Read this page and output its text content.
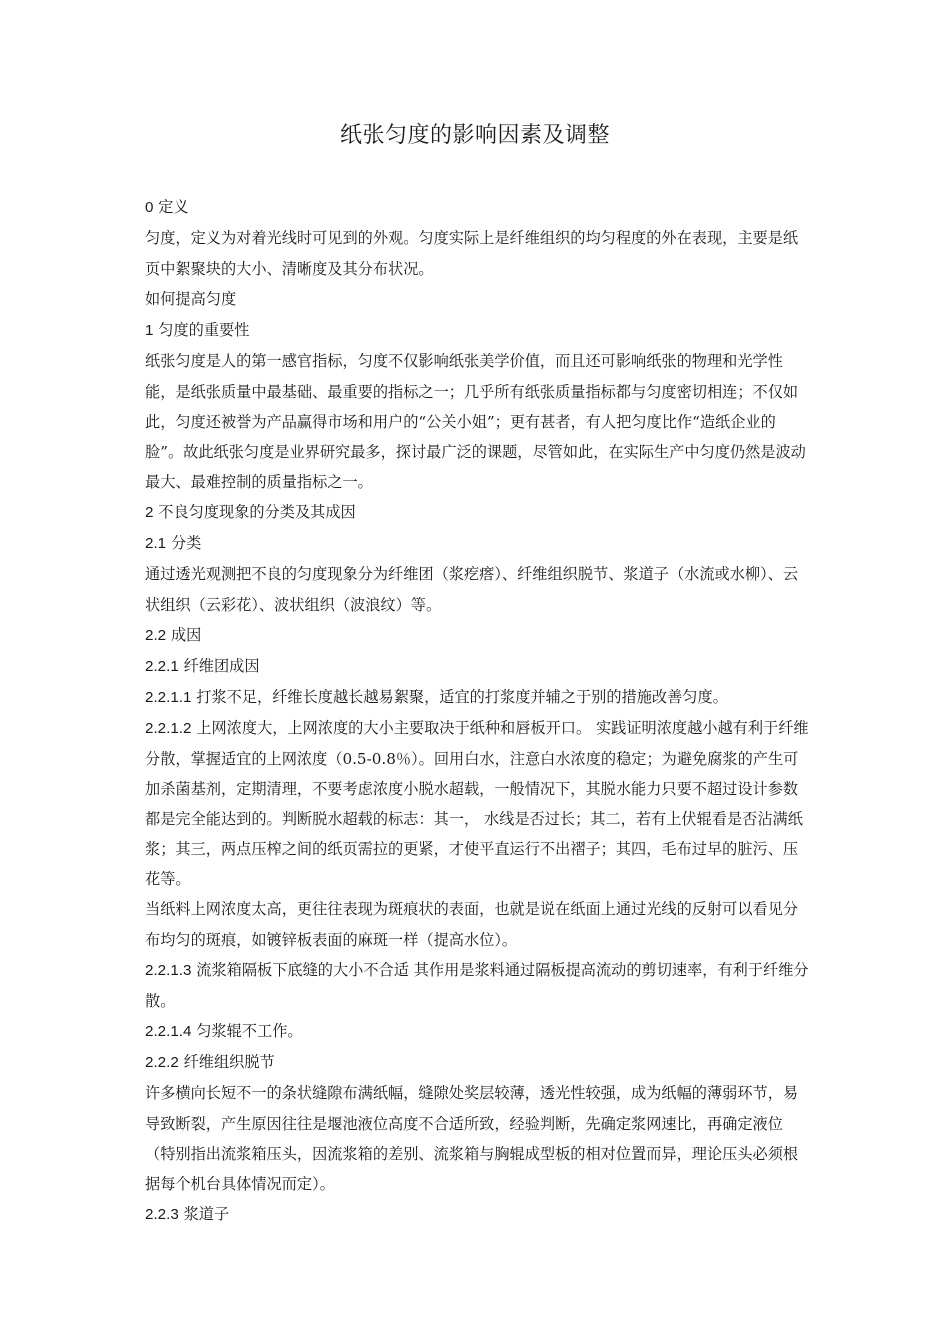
纸张匀度的影响因素及调整

0 定义

匀度，定义为对着光线时可见到的外观。匀度实际上是纤维组织的均匀程度的外在表现，主要是纸页中絮聚块的大小、清晰度及其分布状况。

如何提高匀度

1 匀度的重要性

纸张匀度是人的第一感官指标，匀度不仅影响纸张美学价值，而且还可影响纸张的物理和光学性能，是纸张质量中最基础、最重要的指标之一；几乎所有纸张质量指标都与匀度密切相连；不仅如此，匀度还被誉为产品赢得市场和用户的“公关小姐”；更有甚者，有人把匀度比作“造纸企业的脸”。故此纸张匀度是业界研究最多，探讨最广泛的课题，尽管如此，在实际生产中匀度仍然是波动最大、最难控制的质量指标之一。

2 不良匀度现象的分类及其成因

2.1 分类

通过透光观测把不良的匀度现象分为纤维团（浆疙瘩）、纤维组织脱节、浆道子（水流或水柳）、云状组织（云彩花）、波状组织（波浪纹）等。

2.2 成因

2.2.1 纤维团成因

2.2.1.1 打浆不足，纤维长度越长越易絮聚，适宜的打浆度并辅之于别的措施改善匀度。

2.2.1.2 上网浓度大，上网浓度的大小主要取决于纸种和唇板开口。 实践证明浓度越小越有利于纤维分散，掌握适宜的上网浓度（0.5-0.8％）。回用白水，注意白水浓度的稳定；为避免腐浆的产生可加杀菌基剂，定期清理，不要考虑浓度小脱水超载，一般情况下，其脱水能力只要不超过设计参数都是完全能达到的。判断脱水超载的标志：其一， 水线是否过长；其二，若有上伏辊看是否沾满纸浆；其三，两点压榨之间的纸页需拉的更紧，才使平直运行不出褶子；其四，毛布过早的脏污、压花等。

当纸料上网浓度太高，更往往表现为斑痕状的表面，也就是说在纸面上通过光线的反射可以看见分布均匀的斑痕，如镀锌板表面的麻斑一样（提高水位）。

2.2.1.3 流浆箱隔板下底缝的大小不合适 其作用是浆料通过隔板提高流动的剪切速率，有利于纤维分散。

2.2.1.4 匀浆辊不工作。

2.2.2 纤维组织脱节

许多横向长短不一的条状缝隙布满纸幅，缝隙处奖层较薄，透光性较强，成为纸幅的薄弱环节，易导致断裂，产生原因往往是堰池液位高度不合适所致，经验判断，先确定浆网速比，再确定液位（特别指出流浆箱压头，因流浆箱的差别、流浆箱与胸辊成型板的相对位置而异，理论压头必须根据每个机台具体情况而定）。

2.2.3 浆道子
